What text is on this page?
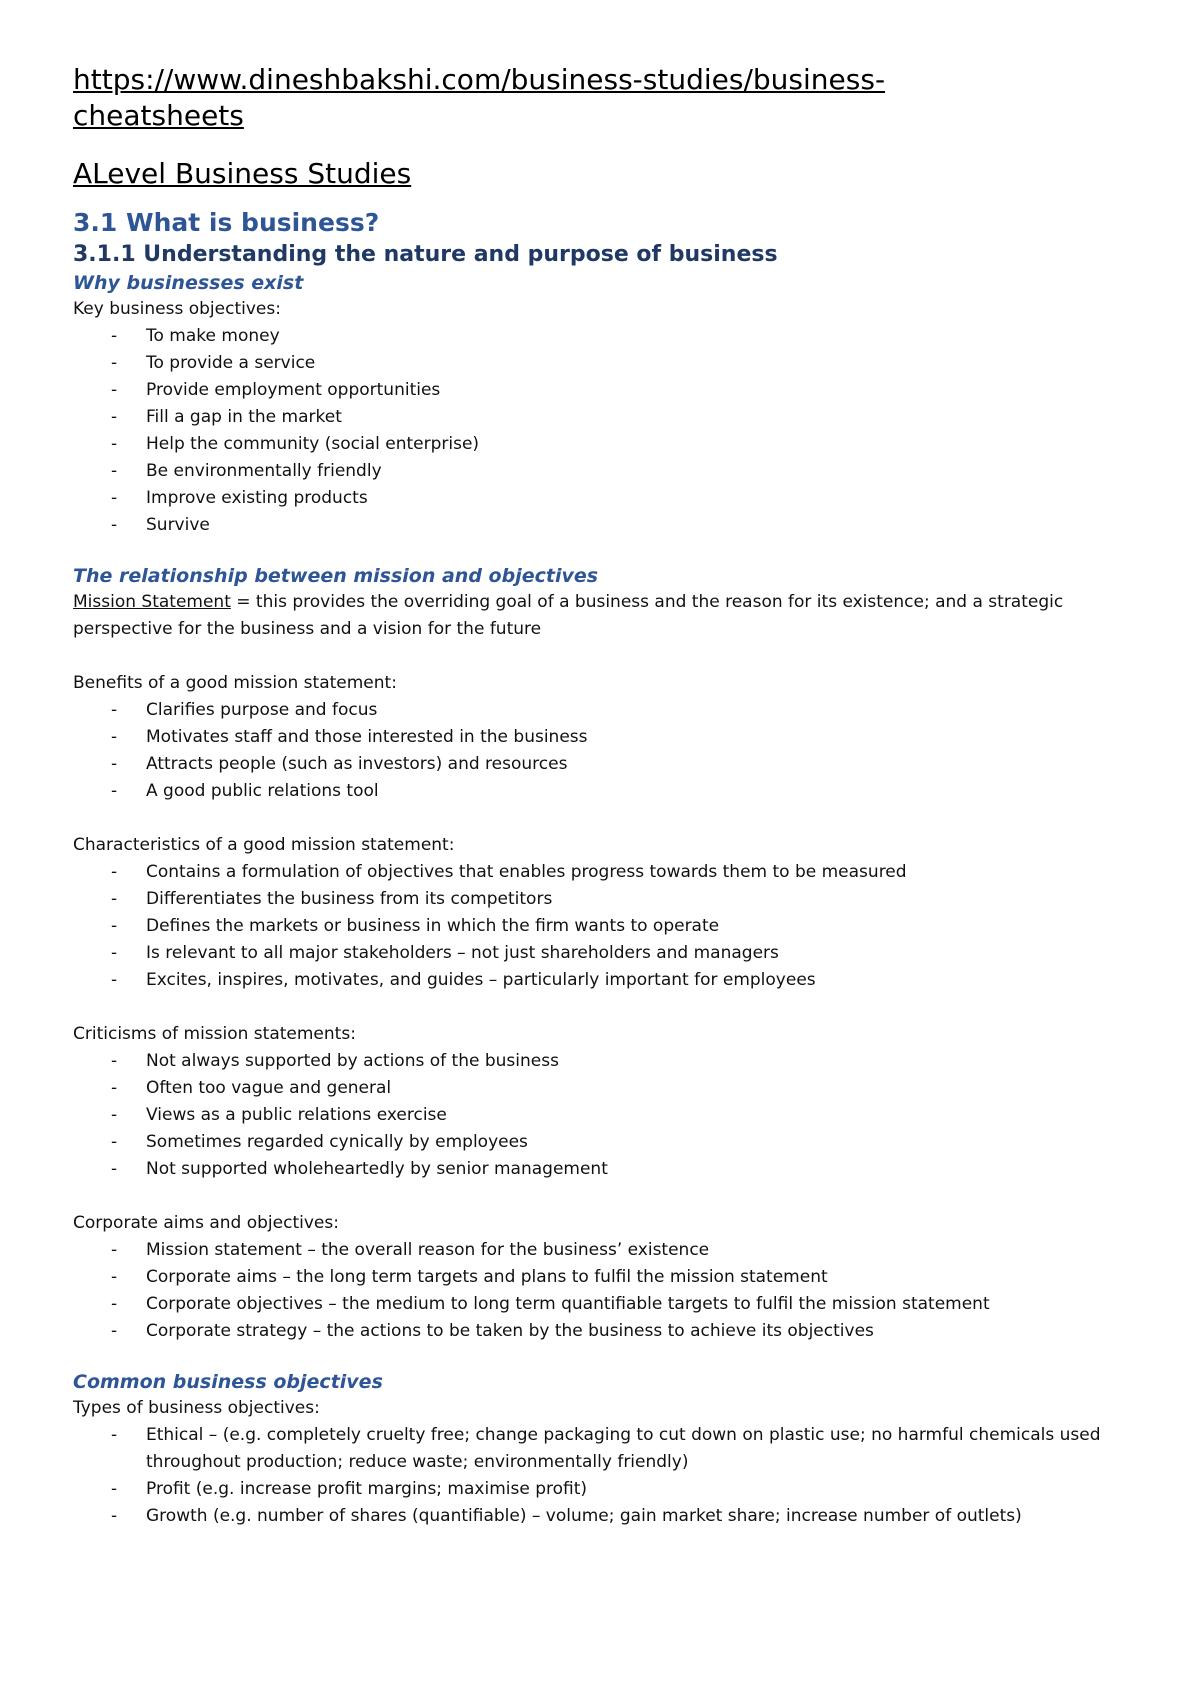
https://www.dineshbakshi.com/business-studies/business-cheatsheets
ALevel Business Studies
3.1 What is business?
3.1.1 Understanding the nature and purpose of business
Why businesses exist

Key business objectives:

- To make money
- To provide a service
- Provide employment opportunities
- Fill a gap in the market
- Help the community (social enterprise)
- Be environmentally friendly
- Improve existing products
- Survive
The relationship between mission and objectives

Mission Statement = this provides the overriding goal of a business and the reason for its existence; and a strategic perspective for the business and a vision for the future

Benefits of a good mission statement:

- Clarifies purpose and focus
- Motivates staff and those interested in the business
- Attracts people (such as investors) and resources
- A good public relations tool

Characteristics of a good mission statement:

- Contains a formulation of objectives that enables progress towards them to be measured
- Differentiates the business from its competitors
- Defines the markets or business in which the firm wants to operate
- Is relevant to all major stakeholders – not just shareholders and managers
- Excites, inspires, motivates, and guides – particularly important for employees

Criticisms of mission statements:

- Not always supported by actions of the business
- Often too vague and general
- Views as a public relations exercise
- Sometimes regarded cynically by employees
- Not supported wholeheartedly by senior management

Corporate aims and objectives:

- Mission statement – the overall reason for the business’ existence
- Corporate aims – the long term targets and plans to fulfil the mission statement
- Corporate objectives – the medium to long term quantifiable targets to fulfil the mission statement
- Corporate strategy – the actions to be taken by the business to achieve its objectives
Common business objectives

Types of business objectives:

- Ethical – (e.g. completely cruelty free; change packaging to cut down on plastic use; no harmful chemicals used throughout production; reduce waste; environmentally friendly)
- Profit (e.g. increase profit margins; maximise profit)
- Growth (e.g. number of shares (quantifiable) – volume; gain market share; increase number of outlets)
